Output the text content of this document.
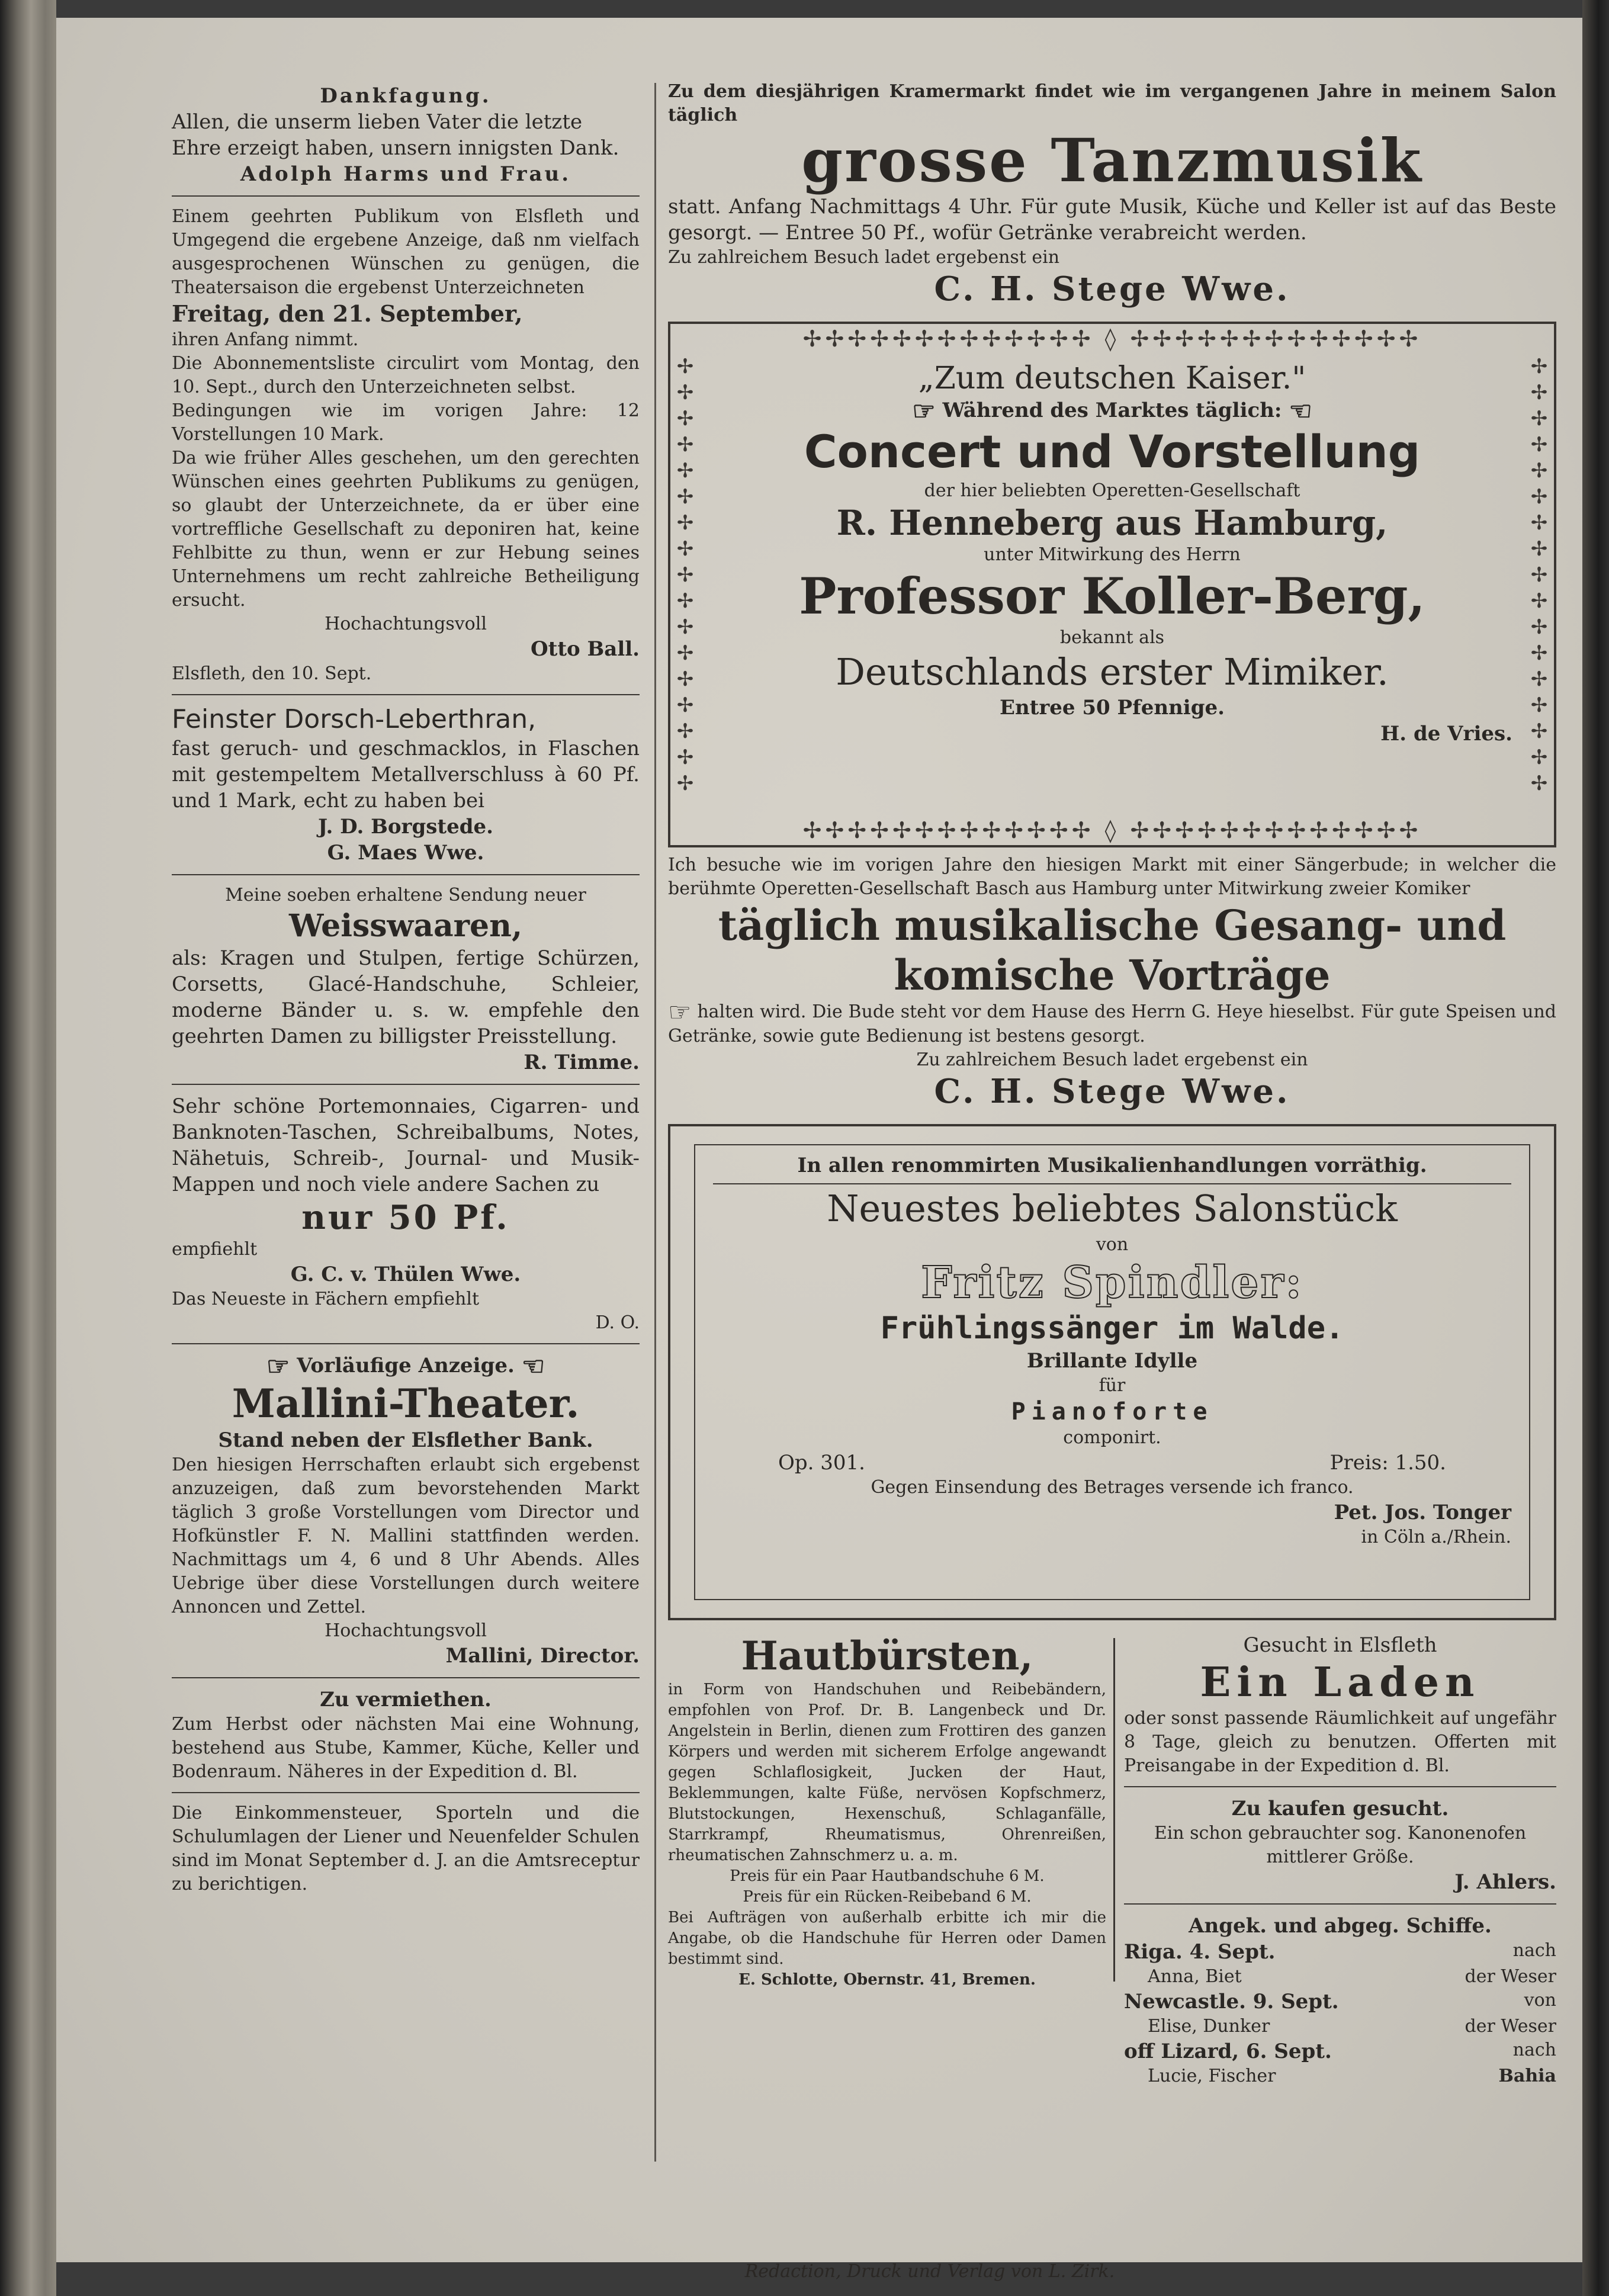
Dankfagung.

Allen, die unserm lieben Vater die letzte

Ehre erzeigt haben, unsern innigsten Dank.

Adolph Harms und Frau.

Einem geehrten Publikum von Elsfleth und Umgegend die ergebene Anzeige, daß nm vielfach ausgesprochenen Wünschen zu genügen, die Theatersaison die ergebenst Unterzeichneten

Freitag, den 21. September,

ihren Anfang nimmt.

Die Abonnementsliste circulirt vom Montag, den 10. Sept., durch den Unterzeichneten selbst.

Bedingungen wie im vorigen Jahre: 12 Vorstellungen 10 Mark.

Da wie früher Alles geschehen, um den gerechten Wünschen eines geehrten Publikums zu genügen, so glaubt der Unterzeichnete, da er über eine vortreffliche Gesellschaft zu deponiren hat, keine Fehlbitte zu thun, wenn er zur Hebung seines Unternehmens um recht zahlreiche Betheiligung ersucht.

Hochachtungsvoll

Otto Ball.

Elsfleth, den 10. Sept.

Feinster Dorsch-Leberthran,

fast geruch- und geschmacklos, in Flaschen mit gestempeltem Metallverschluss à 60 Pf. und 1 Mark, echt zu haben bei

J. D. Borgstede.

G. Maes Wwe.

Meine soeben erhaltene Sendung neuer

Weisswaaren,

als: Kragen und Stulpen, fertige Schürzen, Corsetts, Glacé-Handschuhe, Schleier, moderne Bänder u. s. w. empfehle den geehrten Damen zu billigster Preisstellung.

R. Timme.

Sehr schöne Portemonnaies, Cigarren- und Banknoten-Taschen, Schreibalbums, Notes, Nähetuis, Schreib-, Journal- und Musik-Mappen und noch viele andere Sachen zu

nur 50 Pf.

empfiehlt

G. C. v. Thülen Wwe.

Das Neueste in Fächern empfiehlt

D. O.

☞ Vorläufige Anzeige. ☜

Mallini-Theater.

Stand neben der Elsflether Bank.

Den hiesigen Herrschaften erlaubt sich ergebenst anzuzeigen, daß zum bevorstehenden Markt täglich 3 große Vorstellungen vom Director und Hofkünstler F. N. Mallini stattfinden werden. Nachmittags um 4, 6 und 8 Uhr Abends. Alles Uebrige über diese Vorstellungen durch weitere Annoncen und Zettel.

Hochachtungsvoll

Mallini, Director.

Zu vermiethen.

Zum Herbst oder nächsten Mai eine Wohnung, bestehend aus Stube, Kammer, Küche, Keller und Bodenraum. Näheres in der Expedition d. Bl.

Die Einkommensteuer, Sporteln und die Schulumlagen der Liener und Neuenfelder Schulen sind im Monat September d. J. an die Amtsreceptur zu berichtigen.

Zu dem diesjährigen Kramermarkt findet wie im vergangenen Jahre in meinem Salon täglich

grosse Tanzmusik

statt. Anfang Nachmittags 4 Uhr. Für gute Musik, Küche und Keller ist auf das Beste gesorgt. — Entree 50 Pf., wofür Getränke verabreicht werden.

Zu zahlreichem Besuch ladet ergebenst ein

C. H. Stege Wwe.

✢✢✢✢✢✢✢✢✢✢✢✢✢ ◊ ✢✢✢✢✢✢✢✢✢✢✢✢✢
✢✢✢✢✢✢✢✢✢✢✢✢✢ ◊ ✢✢✢✢✢✢✢✢✢✢✢✢✢
✢✢✢✢✢✢✢✢✢✢✢✢✢✢✢✢✢
✢✢✢✢✢✢✢✢✢✢✢✢✢✢✢✢✢

„Zum deutschen Kaiser."

☞ Während des Marktes täglich: ☜

Concert und Vorstellung

der hier beliebten Operetten-Gesellschaft

R. Henneberg aus Hamburg,

unter Mitwirkung des Herrn

Professor Koller-Berg,

bekannt als

Deutschlands erster Mimiker.

Entree 50 Pfennige.

H. de Vries.

Ich besuche wie im vorigen Jahre den hiesigen Markt mit einer Sängerbude; in welcher die berühmte Operetten-Gesellschaft Basch aus Hamburg unter Mitwirkung zweier Komiker

täglich musikalische Gesang- und

komische Vorträge

☞ halten wird. Die Bude steht vor dem Hause des Herrn G. Heye hieselbst. Für gute Speisen und Getränke, sowie gute Bedienung ist bestens gesorgt.

Zu zahlreichem Besuch ladet ergebenst ein

C. H. Stege Wwe.

In allen renommirten Musikalienhandlungen vorräthig.

Neuestes beliebtes Salonstück

von

Fritz Spindler:

Frühlingssänger im Walde.

Brillante Idylle

für

Pianoforte

componirt.

Op. 301.	Preis: 1.50.

Gegen Einsendung des Betrages versende ich franco.

Pet. Jos. Tonger

in Cöln a./Rhein.

Hautbürsten,

in Form von Handschuhen und Reibebändern, empfohlen von Prof. Dr. B. Langenbeck und Dr. Angelstein in Berlin, dienen zum Frottiren des ganzen Körpers und werden mit sicherem Erfolge angewandt gegen Schlaflosigkeit, Jucken der Haut, Beklemmungen, kalte Füße, nervösen Kopfschmerz, Blutstockungen, Hexenschuß, Schlaganfälle, Starrkrampf, Rheumatismus, Ohrenreißen, rheumatischen Zahnschmerz u. a. m.

Preis für ein Paar Hautbandschuhe 6 M.

Preis für ein Rücken-Reibeband 6 M.

Bei Aufträgen von außerhalb erbitte ich mir die Angabe, ob die Handschuhe für Herren oder Damen bestimmt sind.

E. Schlotte, Obernstr. 41, Bremen.

Gesucht in Elsfleth

Ein Laden

oder sonst passende Räumlichkeit auf ungefähr 8 Tage, gleich zu benutzen. Offerten mit Preisangabe in der Expedition d. Bl.

Zu kaufen gesucht.

Ein schon gebrauchter sog. Kanonenofen mittlerer Größe.

J. Ahlers.

Angek. und abgeg. Schiffe.

Riga. 4. Sept.	nach
Anna, Biet	der Weser
Newcastle. 9. Sept.	von
Elise, Dunker	der Weser
off Lizard, 6. Sept.	nach
Lucie, Fischer	Bahia
Redaction, Druck und Verlag von L. Zirk.
